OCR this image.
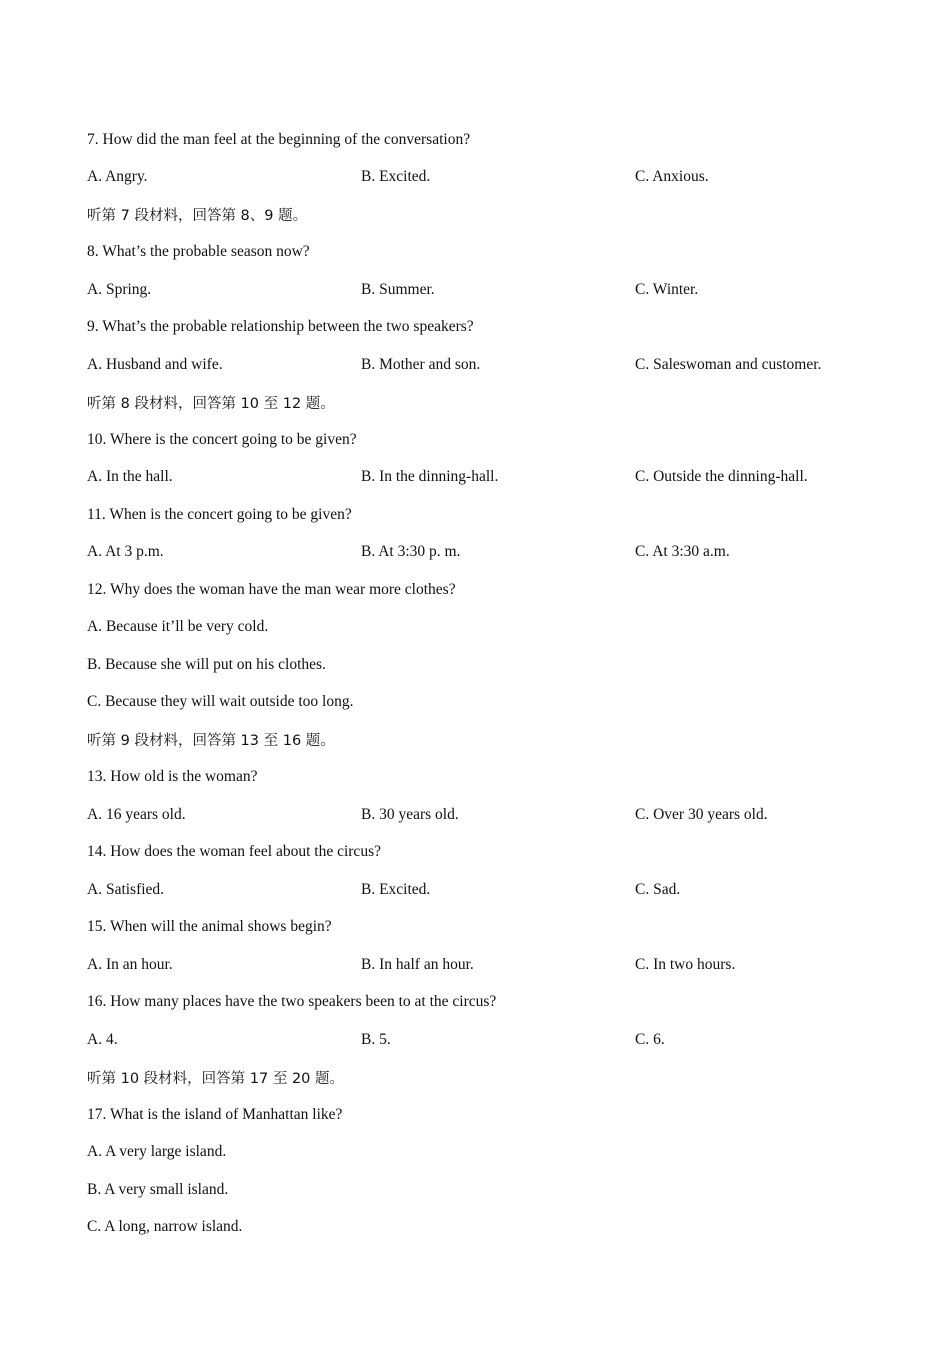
7. How did the man feel at the beginning of the conversation?
A. Angry.	B. Excited.	C. Anxious.
听第 7 段材料，回答第 8、9 题。
8. What’s the probable season now?
A. Spring.	B. Summer.	C. Winter.
9. What’s the probable relationship between the two speakers?
A. Husband and wife.	B. Mother and son.	C. Saleswoman and customer.
听第 8 段材料，回答第 10 至 12 题。
10. Where is the concert going to be given?
A. In the hall.	B. In the dinning-hall.	C. Outside the dinning-hall.
11. When is the concert going to be given?
A. At 3 p.m.	B. At 3:30 p. m.	C. At 3:30 a.m.
12. Why does the woman have the man wear more clothes?
A. Because it’ll be very cold.
B. Because she will put on his clothes.
C. Because they will wait outside too long.
听第 9 段材料，回答第 13 至 16 题。
13. How old is the woman?
A. 16 years old.	B. 30 years old.	C. Over 30 years old.
14. How does the woman feel about the circus?
A. Satisfied.	B. Excited.	C. Sad.
15. When will the animal shows begin?
A. In an hour.	B. In half an hour.	C. In two hours.
16. How many places have the two speakers been to at the circus?
A. 4.	B. 5.	C. 6.
听第 10 段材料，回答第 17 至 20 题。
17. What is the island of Manhattan like?
A. A very large island.
B. A very small island.
C. A long, narrow island.
